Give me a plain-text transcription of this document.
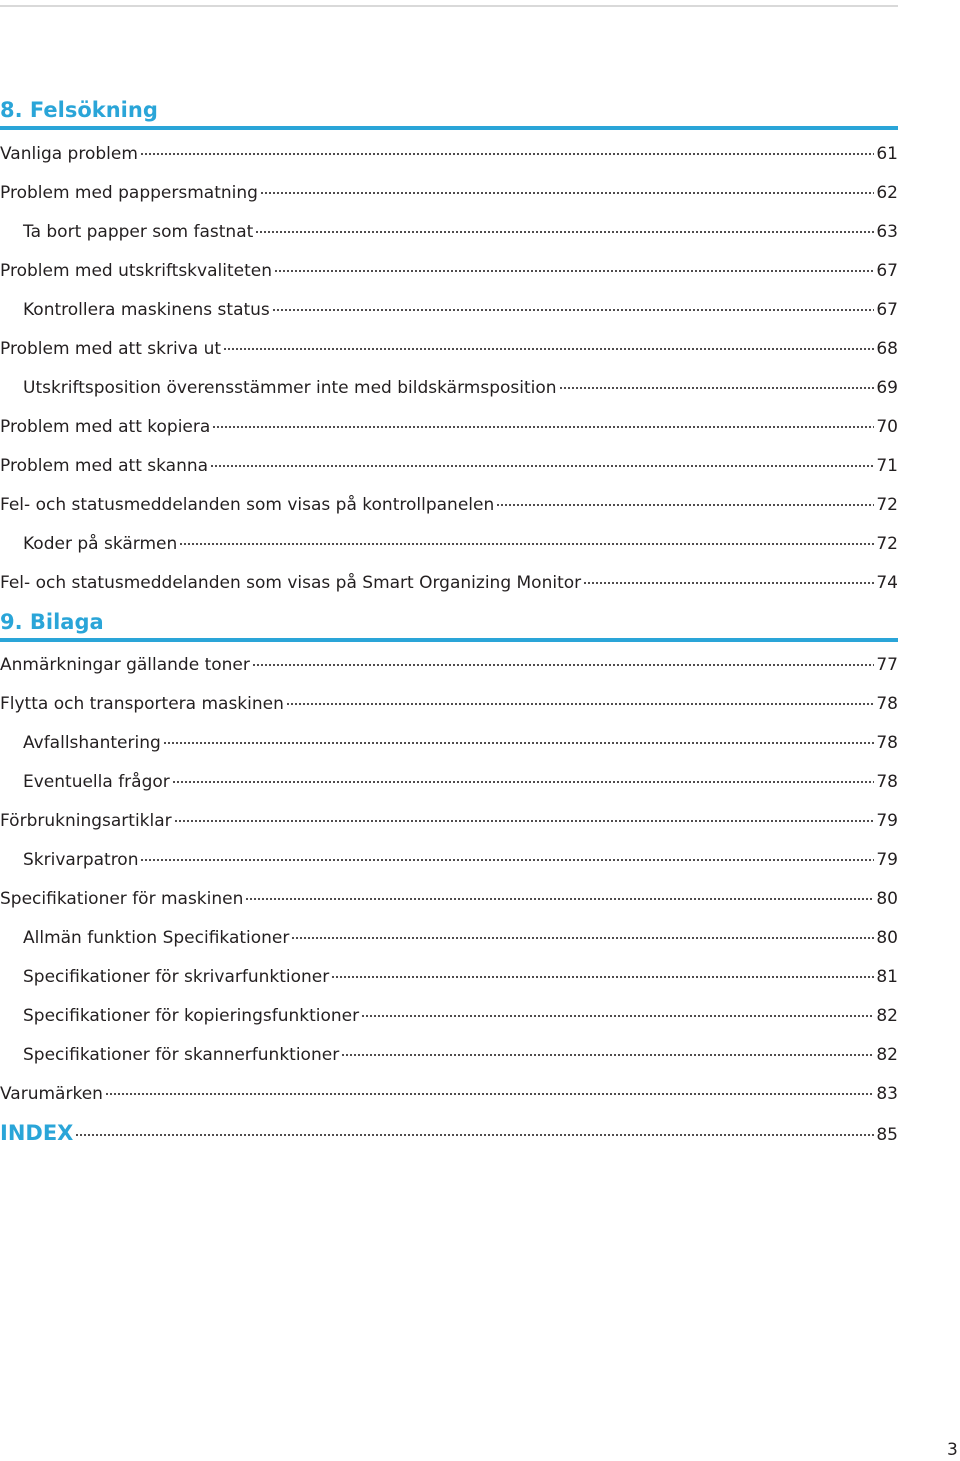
8. Felsökning
Vanliga problem	61
Problem med pappersmatning	62
Ta bort papper som fastnat	63
Problem med utskriftskvaliteten	67
Kontrollera maskinens status	67
Problem med att skriva ut	68
Utskriftsposition överensstämmer inte med bildskärmsposition	69
Problem med att kopiera	70
Problem med att skanna	71
Fel- och statusmeddelanden som visas på kontrollpanelen	72
Koder på skärmen	72
Fel- och statusmeddelanden som visas på Smart Organizing Monitor	74
9. Bilaga
Anmärkningar gällande toner	77
Flytta och transportera maskinen	78
Avfallshantering	78
Eventuella frågor	78
Förbrukningsartiklar	79
Skrivarpatron	79
Specifikationer för maskinen	80
Allmän funktion Specifikationer	80
Specifikationer för skrivarfunktioner	81
Specifikationer för kopieringsfunktioner	82
Specifikationer för skannerfunktioner	82
Varumärken	83
INDEX	85
3
